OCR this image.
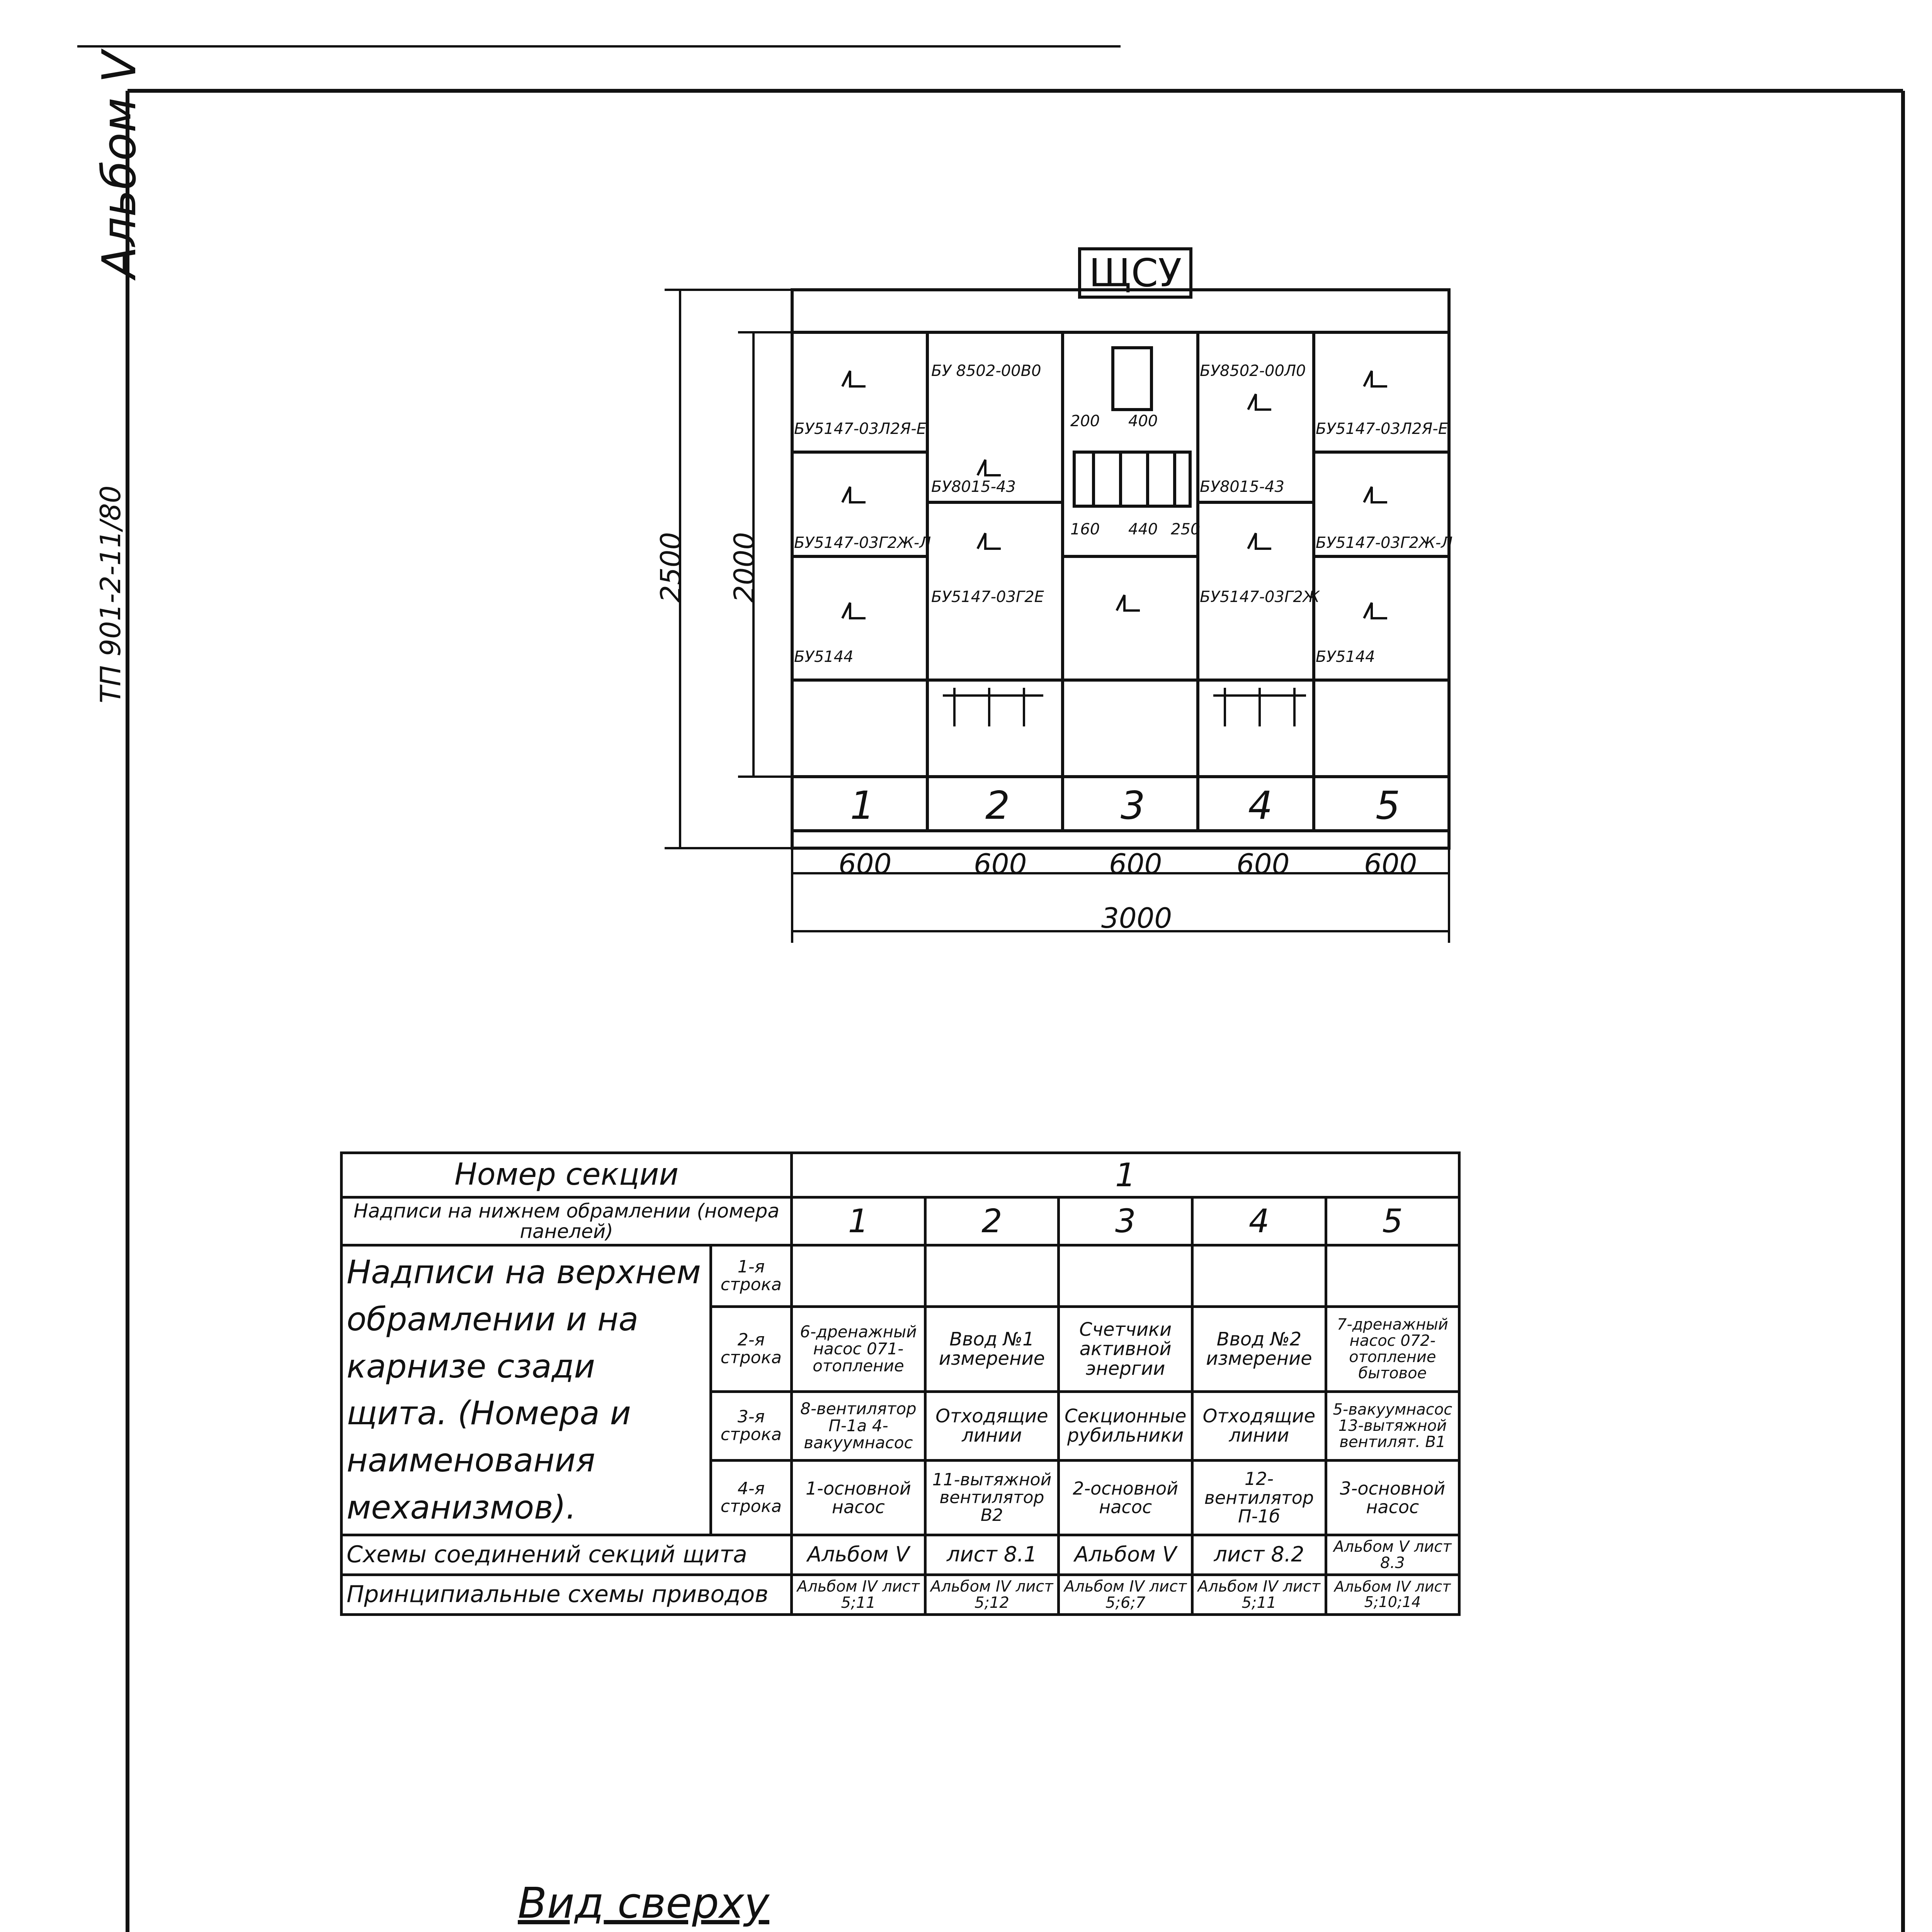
Альбом V
ТП 901-2-11/80
ЩСУ
2500 2000
1	2	3	4	5
600	600	600	600	600
3000
БУ5147-03Л2Я-Е
БУ5147-03Г2Ж-Л
БУ5144
БУ 8502-00В0
БУ8015-43
БУ5147-03Г2Е
200 400
160 440 250
БУ8502-00Л0
БУ8015-43
БУ5147-03Г2Ж
БУ5147-03Л2Я-Е
БУ5147-03Г2Ж-Л
БУ5144
Номер секции		1				
Надписи на нижнем обрамлении (номера панелей)		1	2	3	4	5
Надписи на верхнем обрамлении и на карнизе сзади щита. (Номера и наименования механизмов).	1-я строка					
	2-я строка	6-дренажный насос 071-отопление	Ввод №1 измерение	Счетчики активной энергии	Ввод №2 измерение	7-дренажный насос 072-отопление бытовое
	3-я строка	8-вентилятор П-1а 4-вакуумнасос	Отходящие линии	Секционные рубильники	Отходящие линии	5-вакуумнасос 13-вытяжной вентилят. В1
	4-я строка	1-основной насос	11-вытяжной вентилятор В2	2-основной насос	12-вентилятор П-1б	3-основной насос
Схемы соединений секций щита		Альбом V	лист 8.1	Альбом V	лист 8.2	Альбом V лист 8.3
Принципиальные схемы приводов		Альбом IV лист 5;11	Альбом IV лист 5;12	Альбом IV лист 5;6;7	Альбом IV лист 5;11	Альбом IV лист 5;10;14
Вид сверху
